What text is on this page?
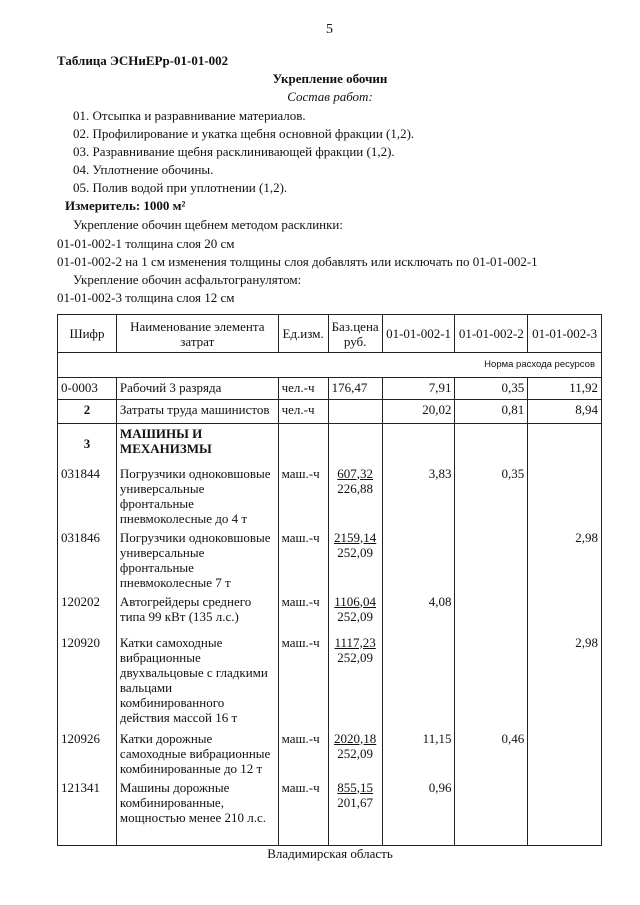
5
Таблица ЭСНиЕРр-01-01-002
Укрепление обочин
Состав работ:
01. Отсыпка и разравнивание материалов.
02. Профилирование и укатка щебня основной фракции (1,2).
03. Разравнивание щебня расклинивающей фракции (1,2).
04. Уплотнение обочины.
05. Полив водой при уплотнении (1,2).
Измеритель: 1000 м²
Укрепление обочин щебнем методом расклинки:
01-01-002-1 толщина слоя 20 см
01-01-002-2 на 1 см изменения толщины слоя добавлять или исключать по 01-01-002-1
Укрепление обочин асфальтогранулятом:
01-01-002-3 толщина слоя 12 см
Шифр	Наименование элемента затрат	Ед.изм.	Баз.цена руб.	01-01-002-1	01-01-002-2	01-01-002-3
Норма расхода ресурсов						
0-0003	Рабочий 3 разряда	чел.-ч	176,47	7,91	0,35	11,92
2	Затраты труда машинистов	чел.-ч		20,02	0,81	8,94
3	МАШИНЫ И МЕХАНИЗМЫ					
031844	Погрузчики одноковшовые универсальные фронтальные пневмоколесные до 4 т	маш.-ч	607,32
226,88	3,83	0,35	
031846	Погрузчики одноковшовые универсальные фронтальные пневмоколесные 7 т	маш.-ч	2159,14
252,09			2,98
120202	Автогрейдеры среднего типа 99 кВт (135 л.с.)	маш.-ч	1106,04
252,09	4,08		
120920	Катки самоходные вибрационные двухвальцовые с гладкими вальцами комбинированного действия массой 16 т	маш.-ч	1117,23
252,09			2,98
120926	Катки дорожные самоходные вибрационные комбинированные до 12 т	маш.-ч	2020,18
252,09	11,15	0,46	
121341	Машины дорожные комбинированные, мощностью менее 210 л.с.	маш.-ч	855,15
201,67	0,96		
Владимирская область
